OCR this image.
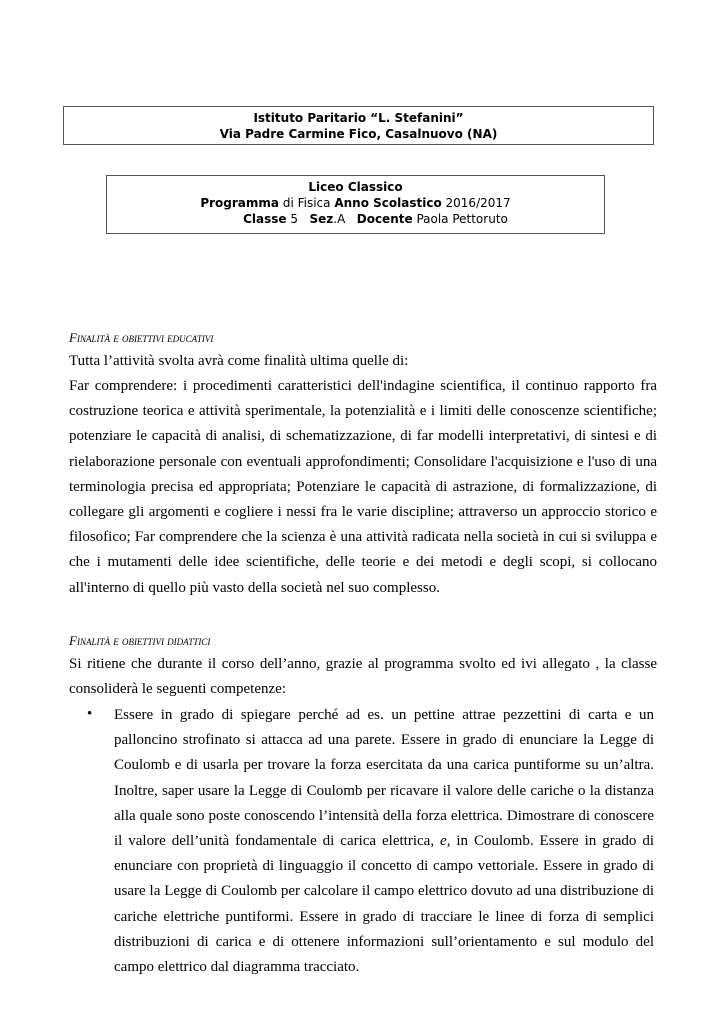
Istituto Paritario “L. Stefanini”
Via Padre Carmine Fico, Casalnuovo (NA)
Liceo Classico
Programma di Fisica Anno Scolastico 2016/2017
Classe 5 Sez.A Docente Paola Pettoruto
Finalità e obiettivi educativi
Tutta l’attività svolta avrà come finalità ultima quelle di:
Far comprendere: i procedimenti caratteristici dell'indagine scientifica, il continuo rapporto fra costruzione teorica e attività sperimentale, la potenzialità e i limiti delle conoscenze scientifiche; potenziare le capacità di analisi, di schematizzazione, di far modelli interpretativi, di sintesi e di rielaborazione personale con eventuali approfondimenti; Consolidare l'acquisizione e l'uso di una terminologia precisa ed appropriata; Potenziare le capacità di astrazione, di formalizzazione, di collegare gli argomenti e cogliere i nessi fra le varie discipline; attraverso un approccio storico e filosofico; Far comprendere che la scienza è una attività radicata nella società in cui si sviluppa e che i mutamenti delle idee scientifiche, delle teorie e dei metodi e degli scopi, si collocano all'interno di quello più vasto della società nel suo complesso.
Finalità e obiettivi didattici
Si ritiene che durante il corso dell’anno, grazie al programma svolto ed ivi allegato , la classe consoliderà le seguenti competenze:
• Essere in grado di spiegare perché ad es. un pettine attrae pezzettini di carta e un palloncino strofinato si attacca ad una parete. Essere in grado di enunciare la Legge di Coulomb e di usarla per trovare la forza esercitata da una carica puntiforme su un’altra. Inoltre, saper usare la Legge di Coulomb per ricavare il valore delle cariche o la distanza alla quale sono poste conoscendo l’intensità della forza elettrica. Dimostrare di conoscere il valore dell’unità fondamentale di carica elettrica, e, in Coulomb. Essere in grado di enunciare con proprietà di linguaggio il concetto di campo vettoriale. Essere in grado di usare la Legge di Coulomb per calcolare il campo elettrico dovuto ad una distribuzione di cariche elettriche puntiformi. Essere in grado di tracciare le linee di forza di semplici distribuzioni di carica e di ottenere informazioni sull’orientamento e sul modulo del campo elettrico dal diagramma tracciato.
